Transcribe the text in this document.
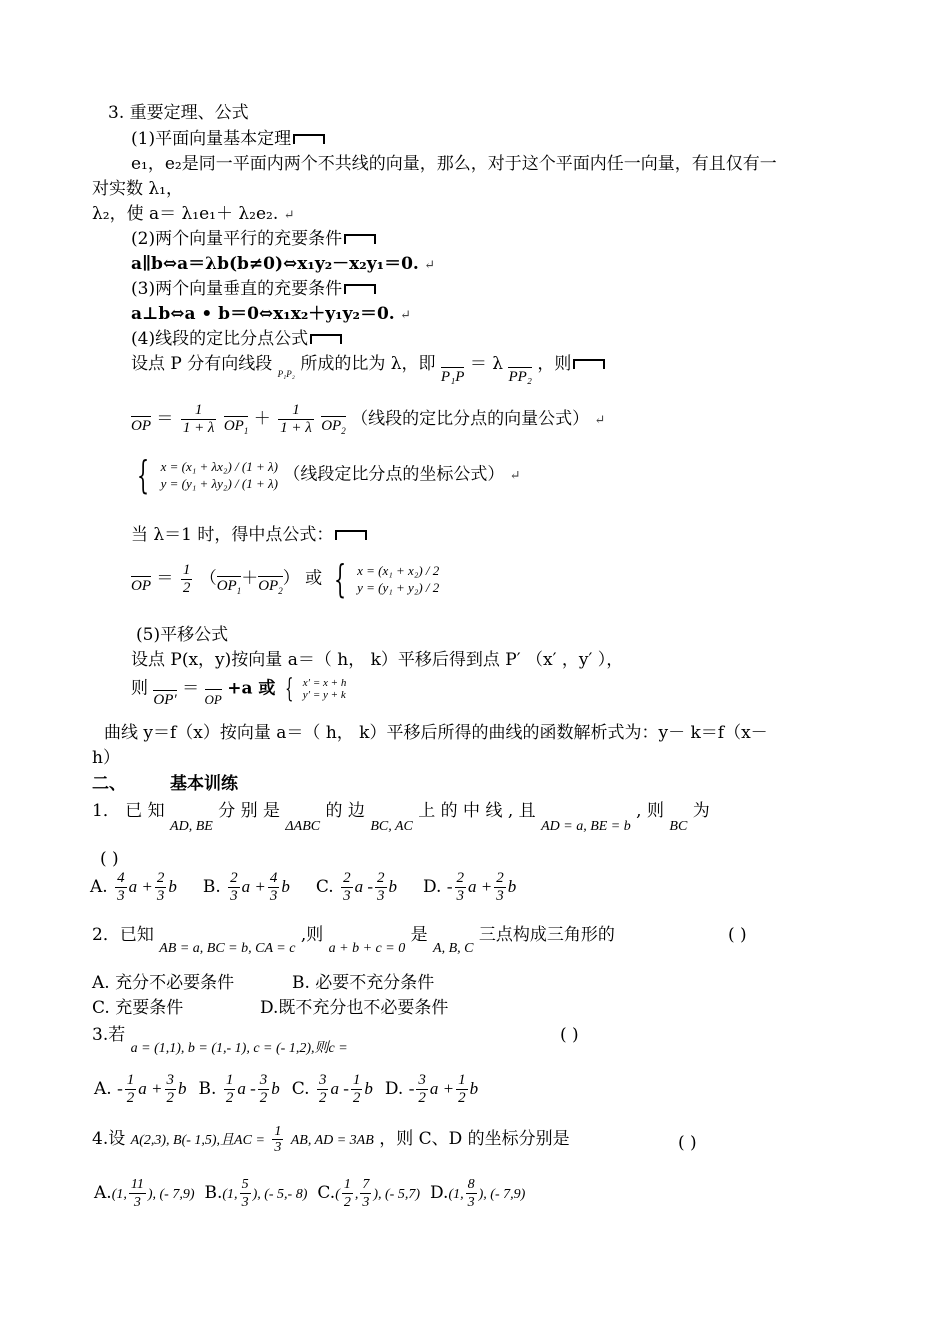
3. 重要定理、公式
(1)平面向量基本定理
e₁，e₂是同一平面内两个不共线的向量，那么，对于这个平面内任一向量，有且仅有一
对实数 λ₁，
λ₂，使 a＝ λ₁e₁＋ λ₂e₂. ↵
(2)两个向量平行的充要条件
a∥b⇔a＝λb(b≠0)⇔x₁y₂－x₂y₁＝0. ↵
(3)两个向量垂直的充要条件
a⊥b⇔a • b＝0⇔x₁x₂＋y₁y₂＝0. ↵
(4)线段的定比分点公式
设点 P 分有向线段 $_{P_1P_2}$ 所成的比为 λ，即 P₁P ＝ λ PP₂ ，则
OP ＝ $\frac{1}{1 + \lambda} OP_1 + \frac{1}{1 + \lambda} OP_2$ （线段的定比分点的向量公式） ↵
{ x = (x₁ + λx₂) / (1 + λ)
y = (y₁ + λy₂) / (1 + λ) （线段定比分点的坐标公式） ↵
当 λ＝1 时，得中点公式：
OP ＝ $\frac{1}{2} (OP_1+OP_2)$ 或 { x = (x₁ + x₂) / 2
y = (y₁ + y₂) / 2
(5)平移公式
设点 P(x，y)按向量 a＝（ h， k）平移后得到点 P′ （x′ ，y′ ），
则 OP′ ＝ OP +a 或 { x′ = x + h
y′ = y + k
曲线 y＝f（x）按向量 a＝（ h， k）平移后所得的曲线的函数解析式为：y－ k＝f（x－
h）
二、	基本训练
1． 已 知 $_{AD, BE}$ 分 别 是 $_{\Delta ABC}$ 的 边 $_{BC, AC}$ 上 的 中 线 , 且 $_{AD = a, BE = b}$ , 则 $_{BC}$ 为
( )
A. $\frac{4}{3}$ $a + \frac{2}{3}$ b B. $\frac{2}{3}$ $a + \frac{4}{3}$ b C. $\frac{2}{3}$ a - $\frac{2}{3}$ b D. - $\frac{2}{3}$ $a + \frac{2}{3}$ b
2．已知 $_{AB = a, BC = b, CA = c}$ ,则 $_{a + b + c = 0}$ 是 $_{A, B, C}$ 三点构成三角形的	( )
A. 充分不必要条件	B. 必要不充分条件
C. 充要条件	D.既不充分也不必要条件
3.若 $_{a = (1,1), b = (1,- 1), c = (- 1,2),则c =}$
( )
A. - $\frac{1}{2}$ $a + \frac{3}{2}$ b B. $\frac{1}{2}$ a - $\frac{3}{2}$ b C. $\frac{3}{2}$ a - $\frac{1}{2}$ b D. - $\frac{3}{2}$ $a + \frac{1}{2}$ b
4.设 A(2,3), B(- 1,5),且AC = $\frac{1}{3}$ AB, AD = 3AB ，则 C、D 的坐标分别是	( )
A.(1, $\frac{11}{3}$ ), (- 7,9) B.(1, $\frac{5}{3}$ ), (- 5,- 8) $C.( \frac{1}{2}$ , $\frac{7}{3}$ ), (- 5,7) D.(1, $\frac{8}{3}$ ), (- 7,9)
